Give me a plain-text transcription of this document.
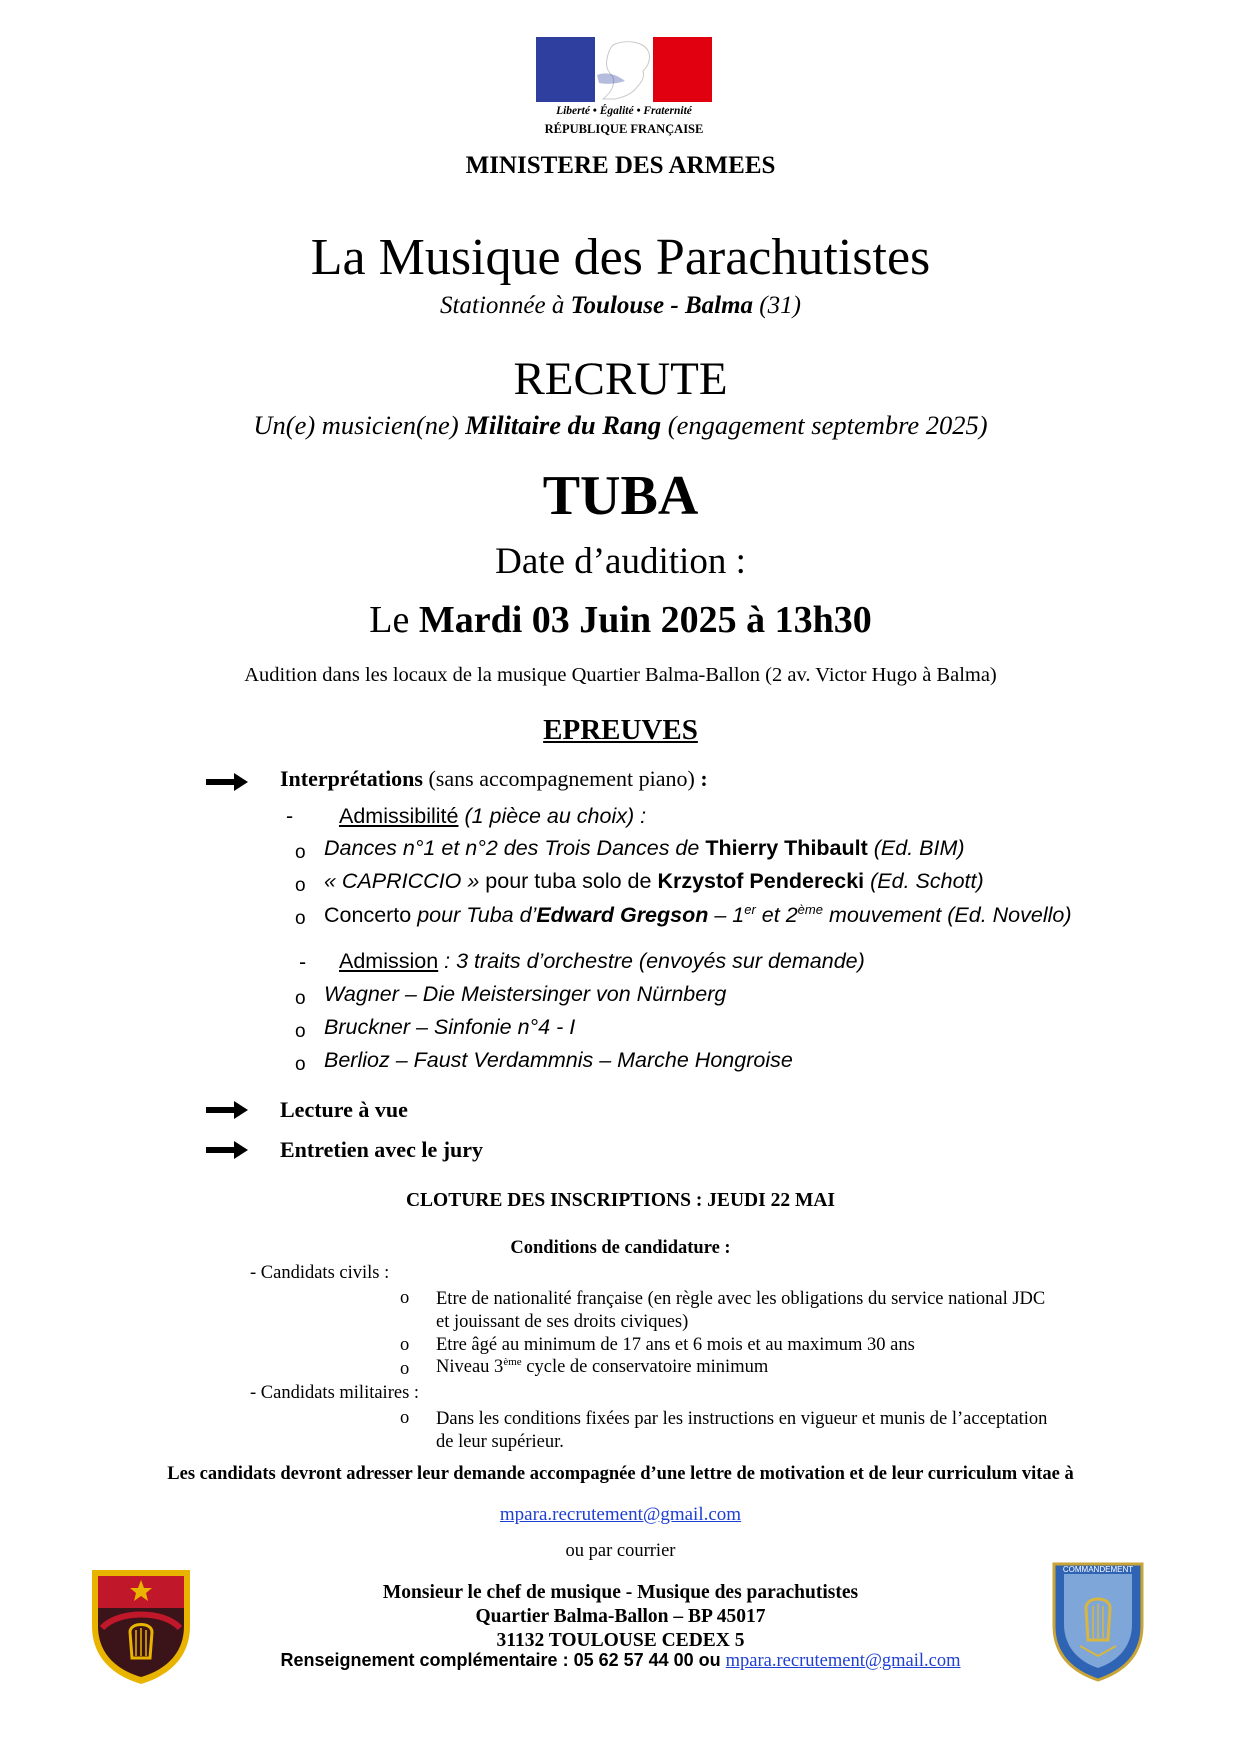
Liberté • Égalité • Fraternité
RÉPUBLIQUE FRANÇAISE
MINISTERE DES ARMEES
La Musique des Parachutistes
Stationnée à Toulouse - Balma (31)
RECRUTE
Un(e) musicien(ne) Militaire du Rang (engagement septembre 2025)
TUBA
Date d’audition :
Le Mardi 03 Juin 2025 à 13h30
Audition dans les locaux de la musique Quartier Balma-Ballon (2 av. Victor Hugo à Balma)
EPREUVES
Interprétations (sans accompagnement piano) :
- Admissibilité (1 pièce au choix) :
o Dances n°1 et n°2 des Trois Dances de Thierry Thibault (Ed. BIM)
o « CAPRICCIO » pour tuba solo de Krzystof Penderecki (Ed. Schott)
o Concerto pour Tuba d’Edward Gregson – 1er et 2ème mouvement (Ed. Novello)
- Admission : 3 traits d’orchestre (envoyés sur demande)
o Wagner – Die Meistersinger von Nürnberg
o Bruckner – Sinfonie n°4 - I
o Berlioz – Faust Verdammnis – Marche Hongroise
Lecture à vue
Entretien avec le jury
CLOTURE DES INSCRIPTIONS : JEUDI 22 MAI
Conditions de candidature :
- Candidats civils :
o Etre de nationalité française (en règle avec les obligations du service national JDC
et jouissant de ses droits civiques)
o Etre âgé au minimum de 17 ans et 6 mois et au maximum 30 ans
o Niveau 3ème cycle de conservatoire minimum
- Candidats militaires :
o Dans les conditions fixées par les instructions en vigueur et munis de l’acceptation
de leur supérieur.
Les candidats devront adresser leur demande accompagnée d’une lettre de motivation et de leur curriculum vitae à
mpara.recrutement@gmail.com
ou par courrier
Monsieur le chef de musique - Musique des parachutistes
Quartier Balma-Ballon – BP 45017
31132 TOULOUSE CEDEX 5
Renseignement complémentaire : 05 62 57 44 00 ou mpara.recrutement@gmail.com
COMMANDEMENT
